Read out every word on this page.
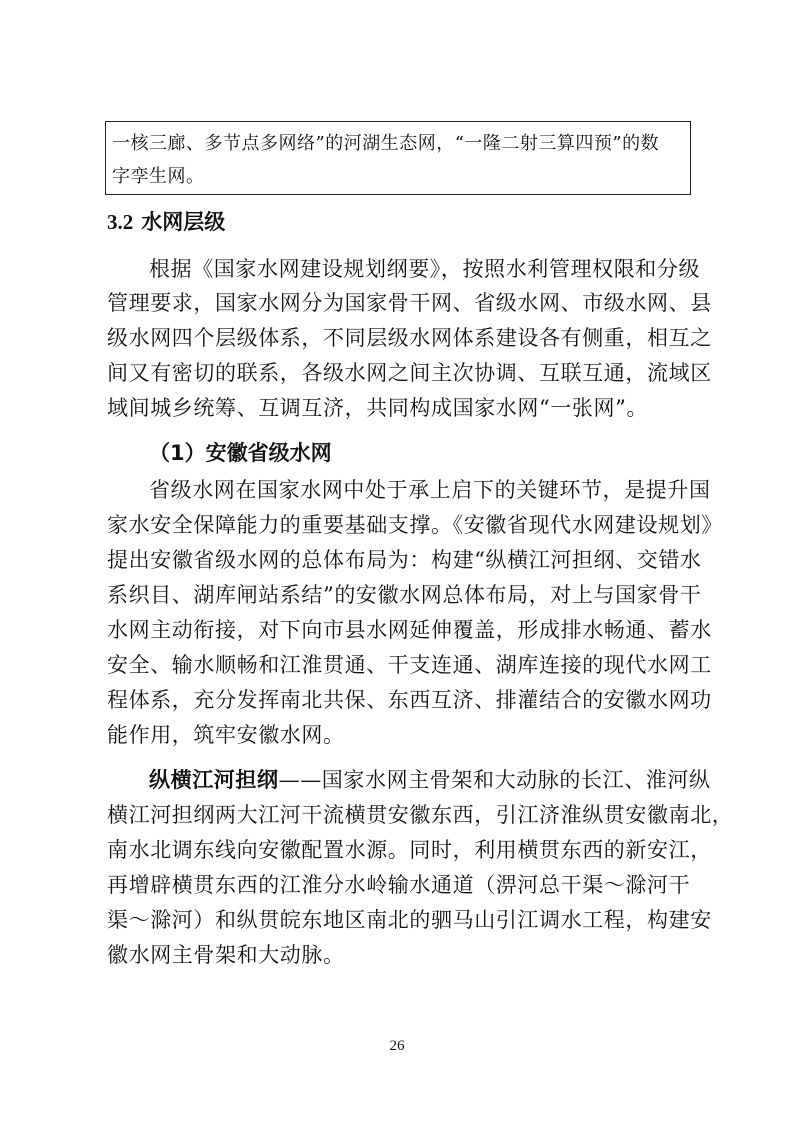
一核三廊、多节点多网络”的河湖生态网，“一隆二射三算四预”的数
字孪生网。
3.2 水网层级
根据《国家水网建设规划纲要》，按照水利管理权限和分级
管理要求，国家水网分为国家骨干网、省级水网、市级水网、县
级水网四个层级体系，不同层级水网体系建设各有侧重，相互之
间又有密切的联系，各级水网之间主次协调、互联互通，流域区
域间城乡统筹、互调互济，共同构成国家水网“一张网”。
（1）安徽省级水网
省级水网在国家水网中处于承上启下的关键环节，是提升国
家水安全保障能力的重要基础支撑。《安徽省现代水网建设规划》
提出安徽省级水网的总体布局为：构建“纵横江河担纲、交错水
系织目、湖库闸站系结”的安徽水网总体布局，对上与国家骨干
水网主动衔接，对下向市县水网延伸覆盖，形成排水畅通、蓄水
安全、输水顺畅和江淮贯通、干支连通、湖库连接的现代水网工
程体系，充分发挥南北共保、东西互济、排灌结合的安徽水网功
能作用，筑牢安徽水网。
纵横江河担纲——国家水网主骨架和大动脉的长江、淮河纵
横江河担纲两大江河干流横贯安徽东西，引江济淮纵贯安徽南北，
南水北调东线向安徽配置水源。同时，利用横贯东西的新安江，
再增辟横贯东西的江淮分水岭输水通道（淠河总干渠～滁河干
渠～滁河）和纵贯皖东地区南北的驷马山引江调水工程，构建安
徽水网主骨架和大动脉。
26
